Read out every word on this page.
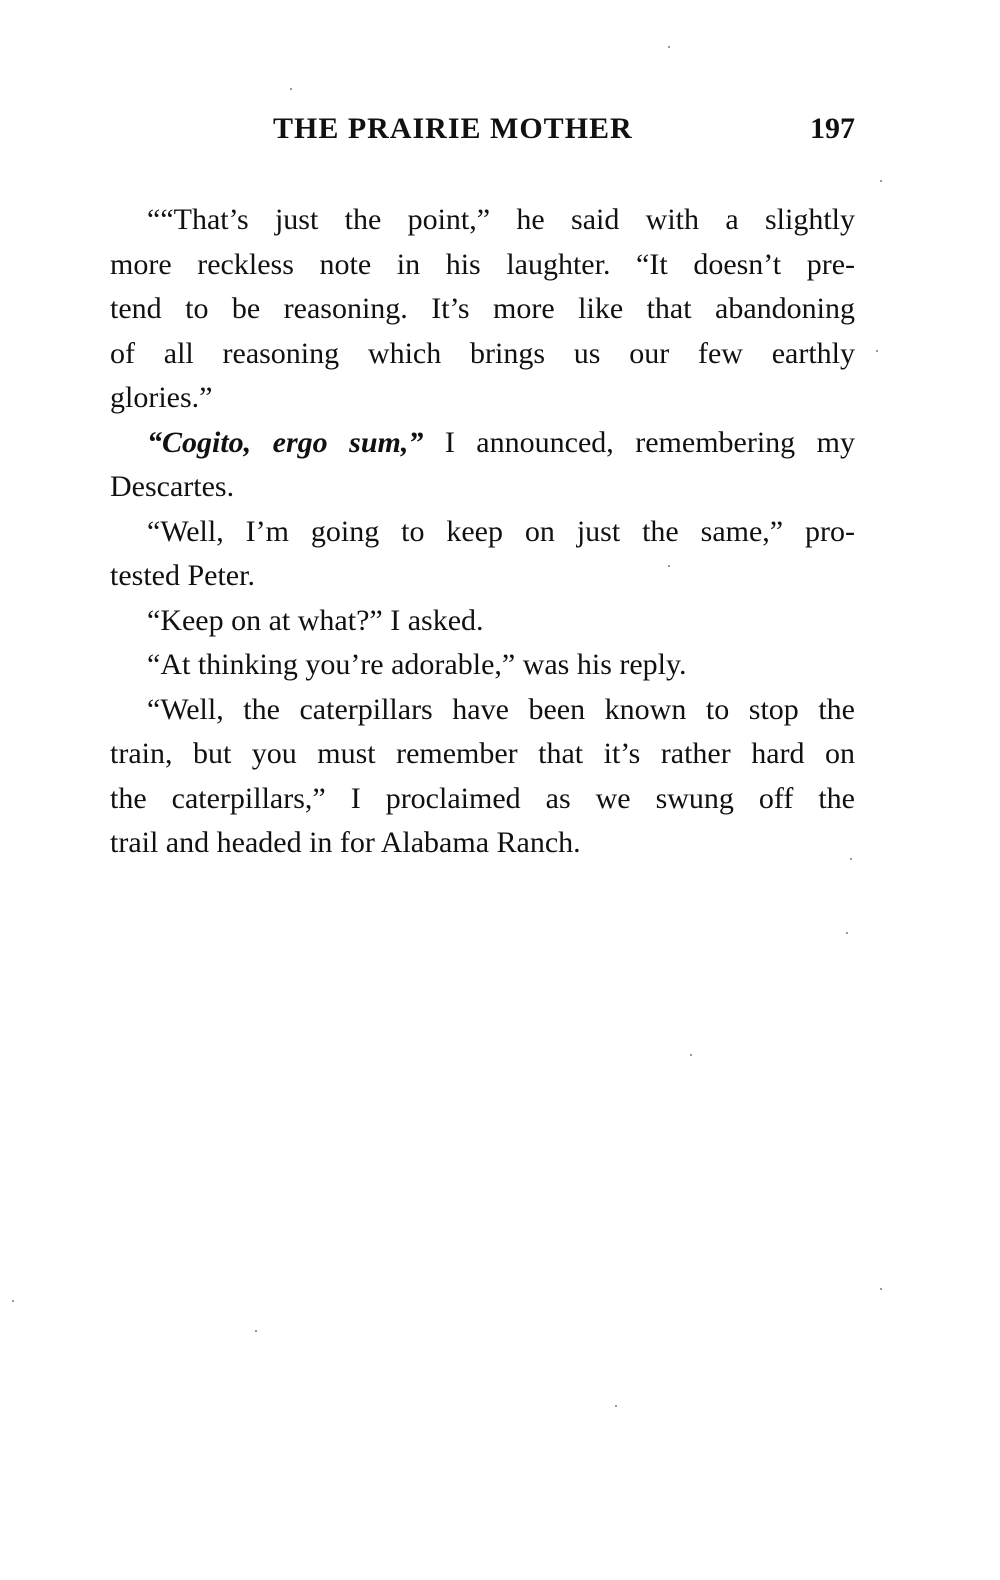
THE PRAIRIE MOTHER	197

““That’s just the point,” he said with a slightly
more reckless note in his laughter. “It doesn’t pre-
tend to be reasoning. It’s more like that abandoning
of all reasoning which brings us our few earthly
glories.”

“Cogito, ergo sum,” I announced, remembering my
Descartes.

“Well, I’m going to keep on just the same,” pro-
tested Peter.

“Keep on at what?” I asked.

“At thinking you’re adorable,” was his reply.

“Well, the caterpillars have been known to stop the
train, but you must remember that it’s rather hard on
the caterpillars,” I proclaimed as we swung off the
trail and headed in for Alabama Ranch.
